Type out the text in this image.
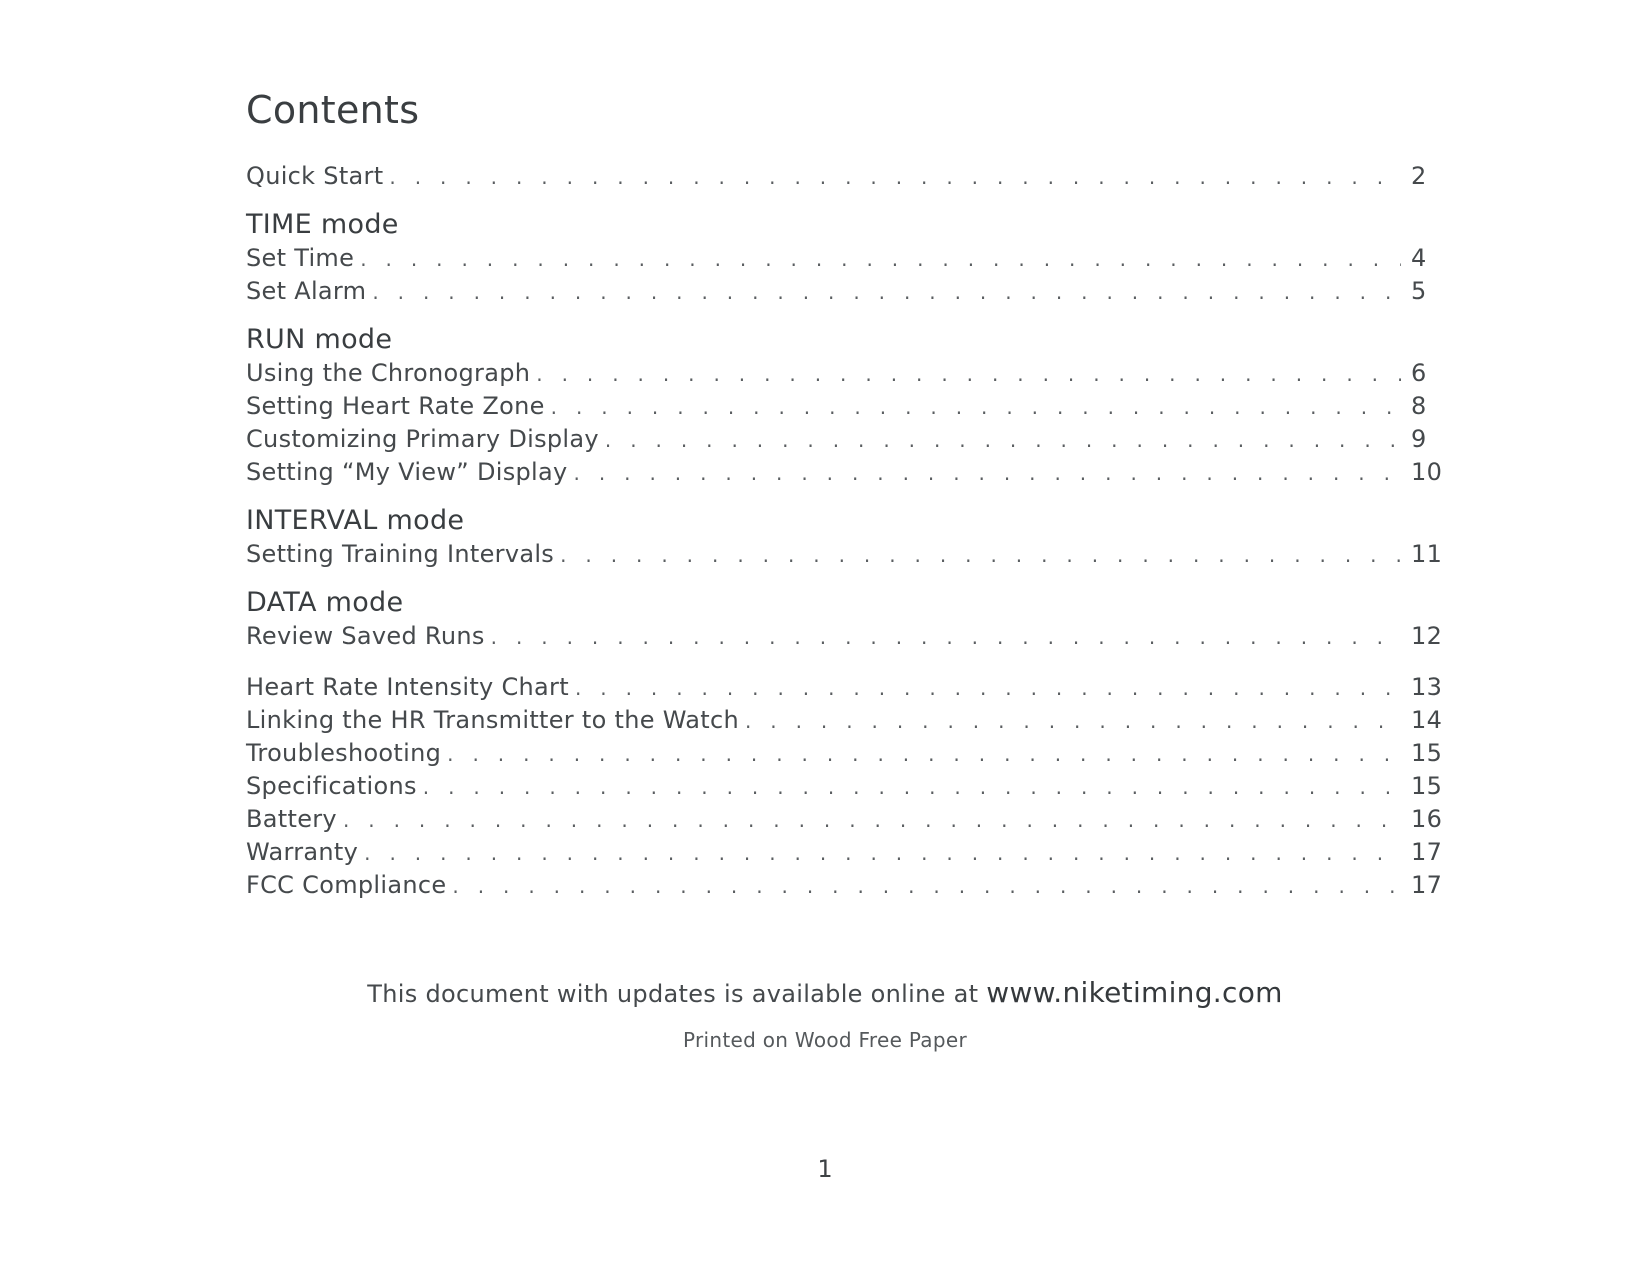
Contents
Quick Start . . .	2
TIME mode
Set Time . . .	4
Set Alarm . . .	5
RUN mode
Using the Chronograph . . .	6
Setting Heart Rate Zone . . .	8
Customizing Primary Display . . .	9
Setting “My View” Display . . .	10
INTERVAL mode
Setting Training Intervals . . .	11
DATA mode
Review Saved Runs . . .	12
Heart Rate Intensity Chart . . .	13
Linking the HR Transmitter to the Watch . . .	14
Troubleshooting . . .	15
Specifications . . .	15
Battery . . .	16
Warranty . . .	17
FCC Compliance . . .	17
This document with updates is available online at www.niketiming.com
Printed on Wood Free Paper
1
